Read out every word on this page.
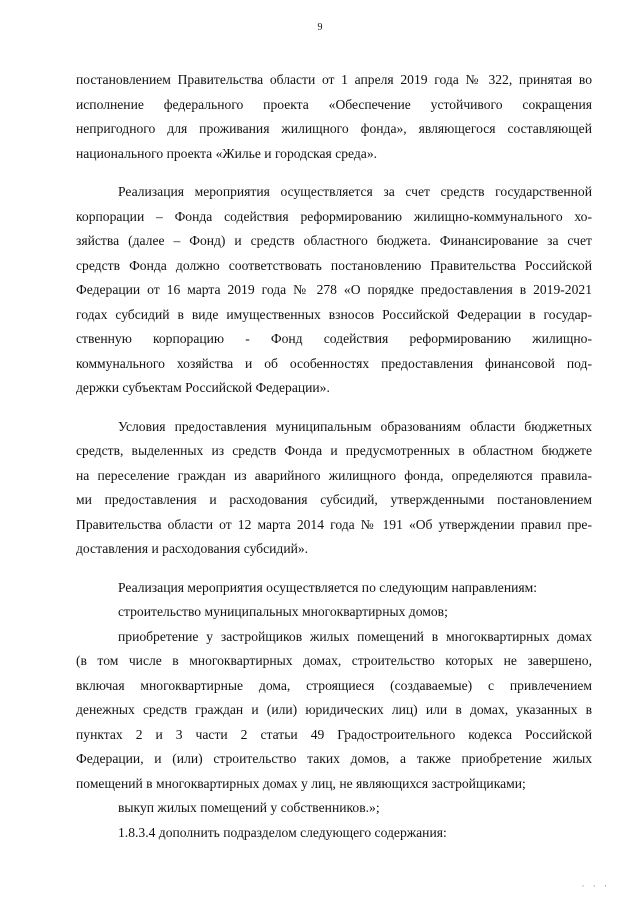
9
постановлением Правительства области от 1 апреля 2019 года № 322, принятая во
исполнение федерального проекта «Обеспечение устойчивого сокращения
непригодного для проживания жилищного фонда», являющегося составляющей
национального проекта «Жилье и городская среда».
Реализация мероприятия осуществляется за счет средств государственной
корпорации – Фонда содействия реформированию жилищно-коммунального хо-
зяйства (далее – Фонд) и средств областного бюджета. Финансирование за счет
средств Фонда должно соответствовать постановлению Правительства Российской
Федерации от 16 марта 2019 года № 278 «О порядке предоставления в 2019-2021
годах субсидий в виде имущественных взносов Российской Федерации в государ-
ственную корпорацию - Фонд содействия реформированию жилищно-
коммунального хозяйства и об особенностях предоставления финансовой под-
держки субъектам Российской Федерации».
Условия предоставления муниципальным образованиям области бюджетных
средств, выделенных из средств Фонда и предусмотренных в областном бюджете
на переселение граждан из аварийного жилищного фонда, определяются правила-
ми предоставления и расходования субсидий, утвержденными постановлением
Правительства области от 12 марта 2014 года № 191 «Об утверждении правил пре-
доставления и расходования субсидий».
Реализация мероприятия осуществляется по следующим направлениям:
строительство муниципальных многоквартирных домов;
приобретение у застройщиков жилых помещений в многоквартирных домах
(в том числе в многоквартирных домах, строительство которых не завершено,
включая многоквартирные дома, строящиеся (создаваемые) с привлечением
денежных средств граждан и (или) юридических лиц) или в домах, указанных в
пунктах 2 и 3 части 2 статьи 49 Градостроительного кодекса Российской
Федерации, и (или) строительство таких домов, а также приобретение жилых
помещений в многоквартирных домах у лиц, не являющихся застройщиками;
выкуп жилых помещений у собственников.»;
1.8.3.4 дополнить подразделом следующего содержания:
· · ·
